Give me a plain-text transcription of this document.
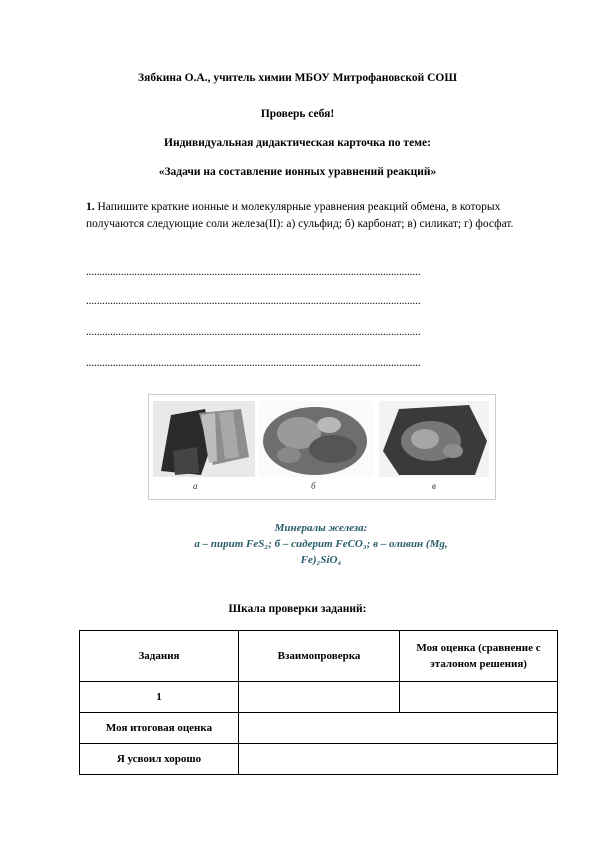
Зябкина О.А., учитель химии МБОУ Митрофановской СОШ
Проверь себя!
Индивидуальная дидактическая карточка по теме:
«Задачи на составление ионных уравнений реакций»
1. Напишите краткие ионные и молекулярные уравнения реакций обмена, в которых получаются следующие соли железа(II): а) сульфид; б) карбонат; в) силикат; г) фосфат.
.............................................................................................................................
.............................................................................................................................
.............................................................................................................................
.............................................................................................................................
а	б	в
Минералы железа:
а – пирит FeS₂; б – сидерит FeCO₃; в – оливин (Mg,
Fe)₂SiO₄
Шкала проверки заданий:
Задания	Взаимопроверка	Моя оценка (сравнение с эталоном решения)
1		
Моя итоговая оценка		
Я усвоил хорошо		
